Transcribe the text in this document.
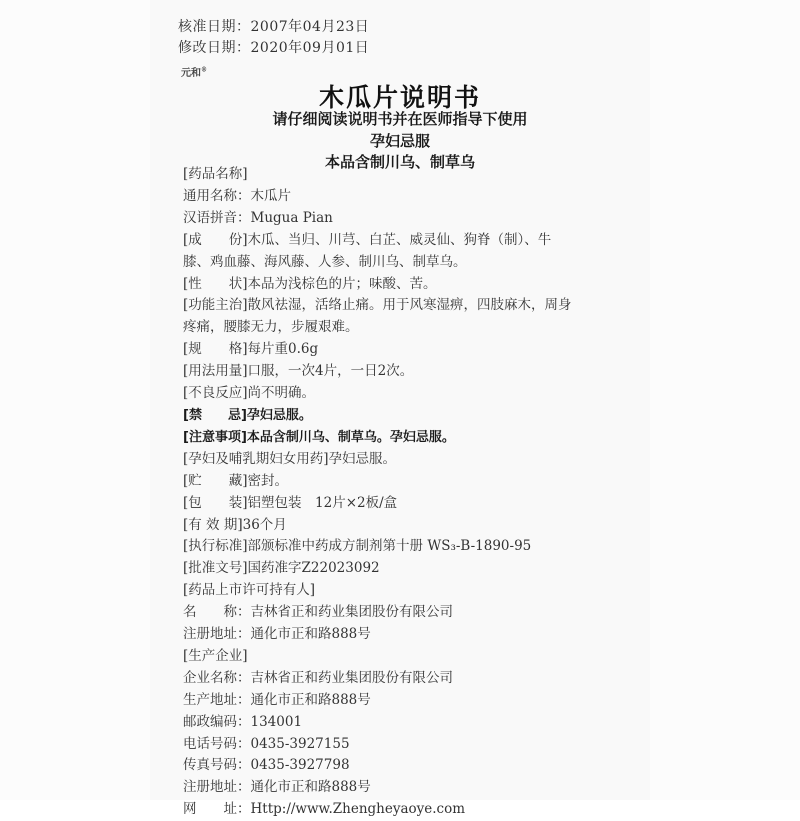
核准日期：2007年04月23日
修改日期：2020年09月01日
元和®
木瓜片说明书
请仔细阅读说明书并在医师指导下使用
孕妇忌服
本品含制川乌、制草乌
[药品名称]
通用名称：木瓜片
汉语拼音：Mugua Pian
[成　　份]木瓜、当归、川芎、白芷、威灵仙、狗脊（制）、牛
膝、鸡血藤、海风藤、人参、制川乌、制草乌。
[性　　状]本品为浅棕色的片；味酸、苦。
[功能主治]散风祛湿，活络止痛。用于风寒湿痹，四肢麻木，周身
疼痛，腰膝无力，步履艰难。
[规　　格]每片重0.6g
[用法用量]口服，一次4片，一日2次。
[不良反应]尚不明确。
[禁　　忌]孕妇忌服。
[注意事项]本品含制川乌、制草乌。孕妇忌服。
[孕妇及哺乳期妇女用药]孕妇忌服。
[贮　　藏]密封。
[包　　装]铝塑包装　12片×2板/盒
[有 效 期]36个月
[执行标准]部颁标准中药成方制剂第十册 WS₃-B-1890-95
[批准文号]国药准字Z22023092
[药品上市许可持有人]
名　　称：吉林省正和药业集团股份有限公司
注册地址：通化市正和路888号
[生产企业]
企业名称：吉林省正和药业集团股份有限公司
生产地址：通化市正和路888号
邮政编码：134001
电话号码：0435-3927155
传真号码：0435-3927798
注册地址：通化市正和路888号
网　　址：Http://www.Zhengheyaoye.com
